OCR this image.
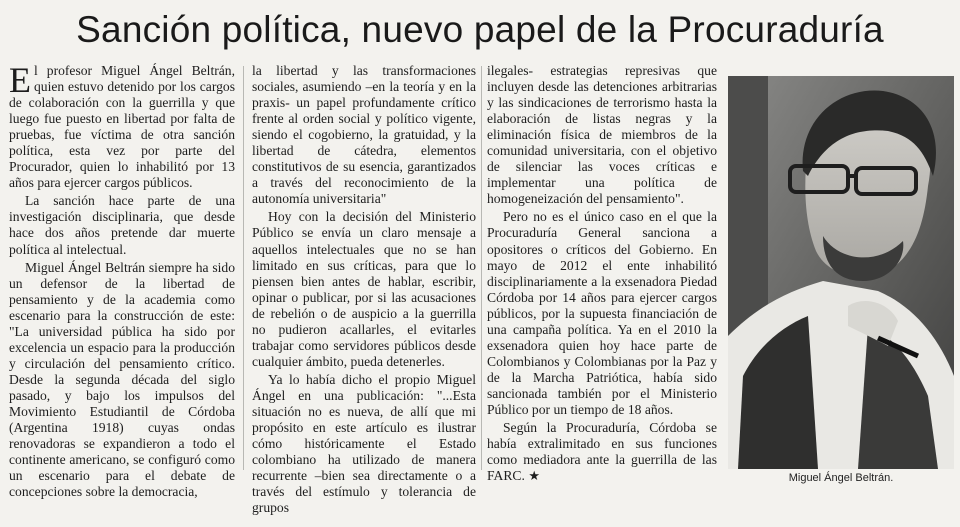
Sanción política, nuevo papel de la Procuraduría

El profesor Miguel Ángel Beltrán, quien estuvo detenido por los cargos de colaboración con la guerrilla y que luego fue puesto en libertad por falta de pruebas, fue víctima de otra sanción política, esta vez por parte del Procurador, quien lo inhabilitó por 13 años para ejercer cargos públicos.

La sanción hace parte de una investigación disciplinaria, que desde hace dos años pretende dar muerte política al intelectual.

Miguel Ángel Beltrán siempre ha sido un defensor de la libertad de pensamiento y de la academia como escenario para la construcción de este: "La universidad pública ha sido por excelencia un espacio para la producción y circulación del pensamiento crítico. Desde la segunda década del siglo pasado, y bajo los impulsos del Movimiento Estudiantil de Córdoba (Argentina 1918) cuyas ondas renovadoras se expandieron a todo el continente americano, se configuró como un escenario para el debate de concepciones sobre la democracia,

la libertad y las transformaciones sociales, asumiendo –en la teoría y en la praxis- un papel profundamente crítico frente al orden social y político vigente, siendo el cogobierno, la gratuidad, y la libertad de cátedra, elementos constitutivos de su esencia, garantizados a través del reconocimiento de la autonomía universitaria"

Hoy con la decisión del Ministerio Público se envía un claro mensaje a aquellos intelectuales que no se han limitado en sus críticas, para que lo piensen bien antes de hablar, escribir, opinar o publicar, por si las acusaciones de rebelión o de auspicio a la guerrilla no pudieron acallarles, el evitarles trabajar como servidores públicos desde cualquier ámbito, pueda detenerles.

Ya lo había dicho el propio Miguel Ángel en una publicación: "...Esta situación no es nueva, de allí que mi propósito en este artículo es ilustrar cómo históricamente el Estado colombiano ha utilizado de manera recurrente –bien sea directamente o a través del estímulo y tolerancia de grupos

ilegales- estrategias represivas que incluyen desde las detenciones arbitrarias y las sindicaciones de terrorismo hasta la elaboración de listas negras y la eliminación física de miembros de la comunidad universitaria, con el objetivo de silenciar las voces críticas e implementar una política de homogeneización del pensamiento".

Pero no es el único caso en el que la Procuraduría General sanciona a opositores o críticos del Gobierno. En mayo de 2012 el ente inhabilitó disciplinariamente a la exsenadora Piedad Córdoba por 14 años para ejercer cargos públicos, por la supuesta financiación de una campaña política. Ya en el 2010 la exsenadora quien hoy hace parte de Colombianos y Colombianas por la Paz y de la Marcha Patriótica, había sido sancionada también por el Ministerio Público por un tiempo de 18 años.

Según la Procuraduría, Córdoba se había extralimitado en sus funciones como mediadora ante la guerrilla de las FARC. ★	Miguel Ángel Beltrán.
